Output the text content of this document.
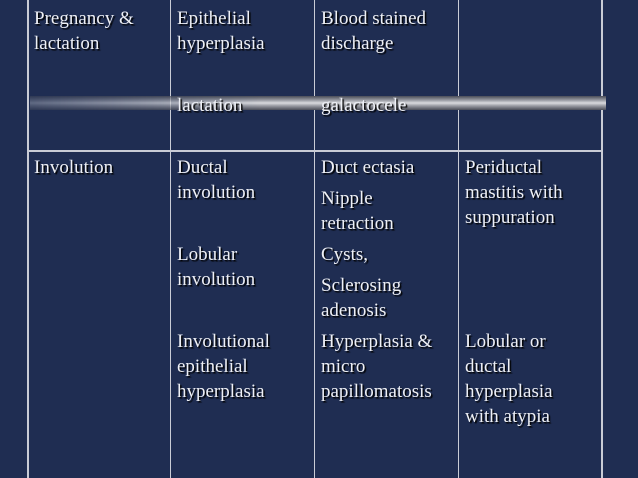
Pregnancy & lactation
Epithelial hyperplasia
Blood stained discharge
lactation	galactocele
Involution	Ductal involution
Duct ectasia
Nipple retraction
Periductal mastitis with suppuration
Lobular involution
Cysts,
Sclerosing adenosis
Involutional epithelial hyperplasia
Hyperplasia & micro papillomatosis
Lobular or ductal hyperplasia with atypia
